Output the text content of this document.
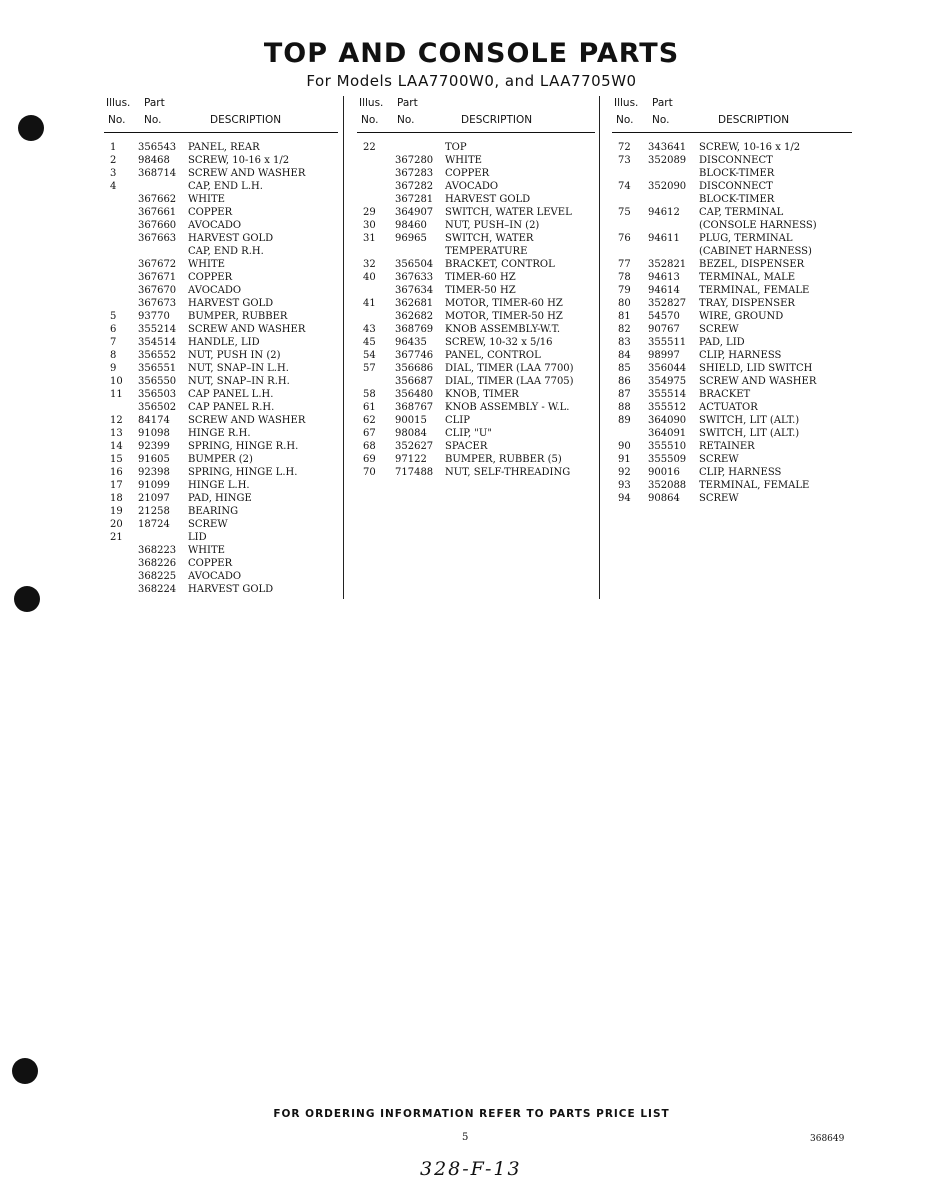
TOP AND CONSOLE PARTS
For Models LAA7700W0, and LAA7705W0
Illus. Part
No. No.	DESCRIPTION
1 356543 PANEL, REAR
2 98468 SCREW, 10-16 x 1/2
3 368714 SCREW AND WASHER
4	CAP, END L.H.
367662 WHITE
367661 COPPER
367660 AVOCADO
367663 HARVEST GOLD
CAP, END R.H.
367672 WHITE
367671 COPPER
367670 AVOCADO
367673 HARVEST GOLD
5 93770 BUMPER, RUBBER
6 355214 SCREW AND WASHER
7 354514 HANDLE, LID
8 356552 NUT, PUSH IN (2)
9 356551 NUT, SNAP–IN L.H.
10 356550 NUT, SNAP–IN R.H.
11 356503 CAP PANEL L.H.
356502 CAP PANEL R.H.
12 84174 SCREW AND WASHER
13 91098 HINGE R.H.
14 92399 SPRING, HINGE R.H.
15 91605 BUMPER (2)
16 92398 SPRING, HINGE L.H.
17 91099 HINGE L.H.
18 21097 PAD, HINGE
19 21258 BEARING
20 18724 SCREW
21	LID
368223 WHITE
368226 COPPER
368225 AVOCADO
368224 HARVEST GOLD
Illus. Part
No. No.	DESCRIPTION
22	TOP
367280 WHITE
367283 COPPER
367282 AVOCADO
367281 HARVEST GOLD
29 364907 SWITCH, WATER LEVEL
30 98460 NUT, PUSH–IN (2)
31 96965 SWITCH, WATER
TEMPERATURE
32 356504 BRACKET, CONTROL
40 367633 TIMER-60 HZ
367634 TIMER-50 HZ
41 362681 MOTOR, TIMER-60 HZ
362682 MOTOR, TIMER-50 HZ
43 368769 KNOB ASSEMBLY-W.T.
45 96435 SCREW, 10-32 x 5/16
54 367746 PANEL, CONTROL
57 356686 DIAL, TIMER (LAA 7700)
356687 DIAL, TIMER (LAA 7705)
58 356480 KNOB, TIMER
61 368767 KNOB ASSEMBLY - W.L.
62 90015 CLIP
67 98084 CLIP, "U"
68 352627 SPACER
69 97122 BUMPER, RUBBER (5)
70 717488 NUT, SELF-THREADING
Illus. Part
No. No.	DESCRIPTION
72 343641 SCREW, 10-16 x 1/2
73 352089 DISCONNECT
BLOCK-TIMER
74 352090 DISCONNECT
BLOCK-TIMER
75 94612 CAP, TERMINAL
(CONSOLE HARNESS)
76 94611 PLUG, TERMINAL
(CABINET HARNESS)
77 352821 BEZEL, DISPENSER
78 94613 TERMINAL, MALE
79 94614 TERMINAL, FEMALE
80 352827 TRAY, DISPENSER
81 54570 WIRE, GROUND
82 90767 SCREW
83 355511 PAD, LID
84 98997 CLIP, HARNESS
85 356044 SHIELD, LID SWITCH
86 354975 SCREW AND WASHER
87 355514 BRACKET
88 355512 ACTUATOR
89 364090 SWITCH, LIT (ALT.)
364091 SWITCH, LIT (ALT.)
90 355510 RETAINER
91 355509 SCREW
92 90016 CLIP, HARNESS
93 352088 TERMINAL, FEMALE
94 90864 SCREW
FOR ORDERING INFORMATION REFER TO PARTS PRICE LIST
5	368649
328-F-13
